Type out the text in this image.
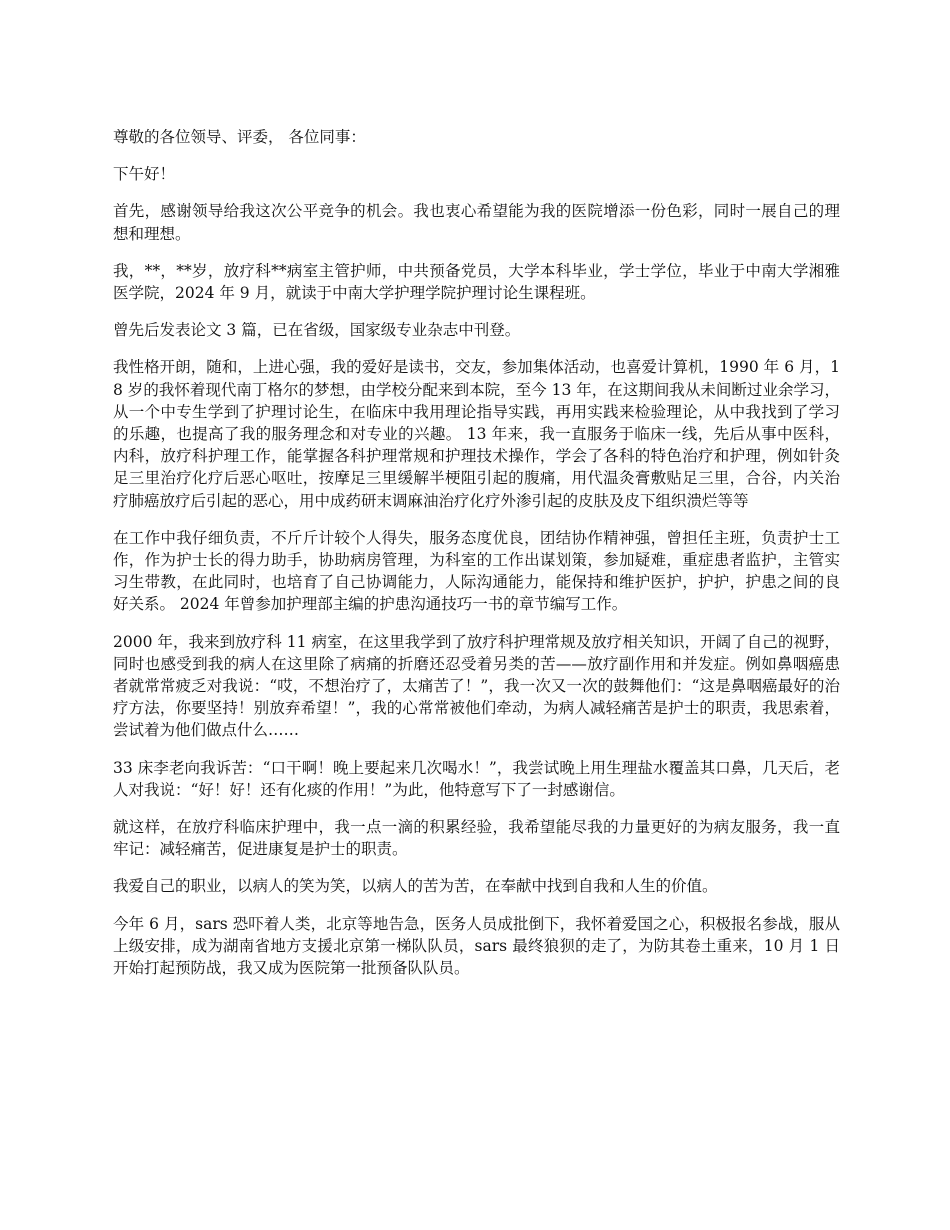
尊敬的各位领导、评委， 各位同事：

下午好！

首先，感谢领导给我这次公平竞争的机会。我也衷心希望能为我的医院增添一份色彩，同时一展自己的理想和理想。

我，**，**岁，放疗科**病室主管护师，中共预备党员，大学本科毕业，学士学位，毕业于中南大学湘雅医学院，2024 年 9 月，就读于中南大学护理学院护理讨论生课程班。

曾先后发表论文 3 篇，已在省级，国家级专业杂志中刊登。

我性格开朗，随和，上进心强，我的爱好是读书，交友，参加集体活动，也喜爱计算机，1990 年 6 月，18 岁的我怀着现代南丁格尔的梦想，由学校分配来到本院，至今 13 年，在这期间我从未间断过业余学习，从一个中专生学到了护理讨论生，在临床中我用理论指导实践，再用实践来检验理论，从中我找到了学习的乐趣，也提高了我的服务理念和对专业的兴趣。 13 年来，我一直服务于临床一线，先后从事中医科，内科，放疗科护理工作，能掌握各科护理常规和护理技术操作，学会了各科的特色治疗和护理，例如针灸足三里治疗化疗后恶心呕吐，按摩足三里缓解半梗阻引起的腹痛，用代温灸膏敷贴足三里，合谷，内关治疗肺癌放疗后引起的恶心，用中成药研末调麻油治疗化疗外渗引起的皮肤及皮下组织溃烂等等

在工作中我仔细负责，不斤斤计较个人得失，服务态度优良，团结协作精神强，曾担任主班，负责护士工作，作为护士长的得力助手，协助病房管理，为科室的工作出谋划策，参加疑难，重症患者监护，主管实习生带教，在此同时，也培育了自己协调能力，人际沟通能力，能保持和维护医护，护护，护患之间的良好关系。 2024 年曾参加护理部主编的护患沟通技巧一书的章节编写工作。

2000 年，我来到放疗科 11 病室，在这里我学到了放疗科护理常规及放疗相关知识，开阔了自己的视野，同时也感受到我的病人在这里除了病痛的折磨还忍受着另类的苦——放疗副作用和并发症。例如鼻咽癌患者就常常疲乏对我说：“哎，不想治疗了，太痛苦了！”，我一次又一次的鼓舞他们：“这是鼻咽癌最好的治疗方法，你要坚持！别放弃希望！”，我的心常常被他们牵动，为病人减轻痛苦是护士的职责，我思索着，尝试着为他们做点什么……

33 床李老向我诉苦：“口干啊！晚上要起来几次喝水！”，我尝试晚上用生理盐水覆盖其口鼻，几天后，老人对我说：“好！好！还有化痰的作用！”为此，他特意写下了一封感谢信。

就这样，在放疗科临床护理中，我一点一滴的积累经验，我希望能尽我的力量更好的为病友服务，我一直牢记：减轻痛苦，促进康复是护士的职责。

我爱自己的职业，以病人的笑为笑，以病人的苦为苦，在奉献中找到自我和人生的价值。

今年 6 月，sars 恐吓着人类，北京等地告急，医务人员成批倒下，我怀着爱国之心，积极报名参战，服从上级安排，成为湖南省地方支援北京第一梯队队员，sars 最终狼狈的走了，为防其卷土重来，10 月 1 日开始打起预防战，我又成为医院第一批预备队队员。
